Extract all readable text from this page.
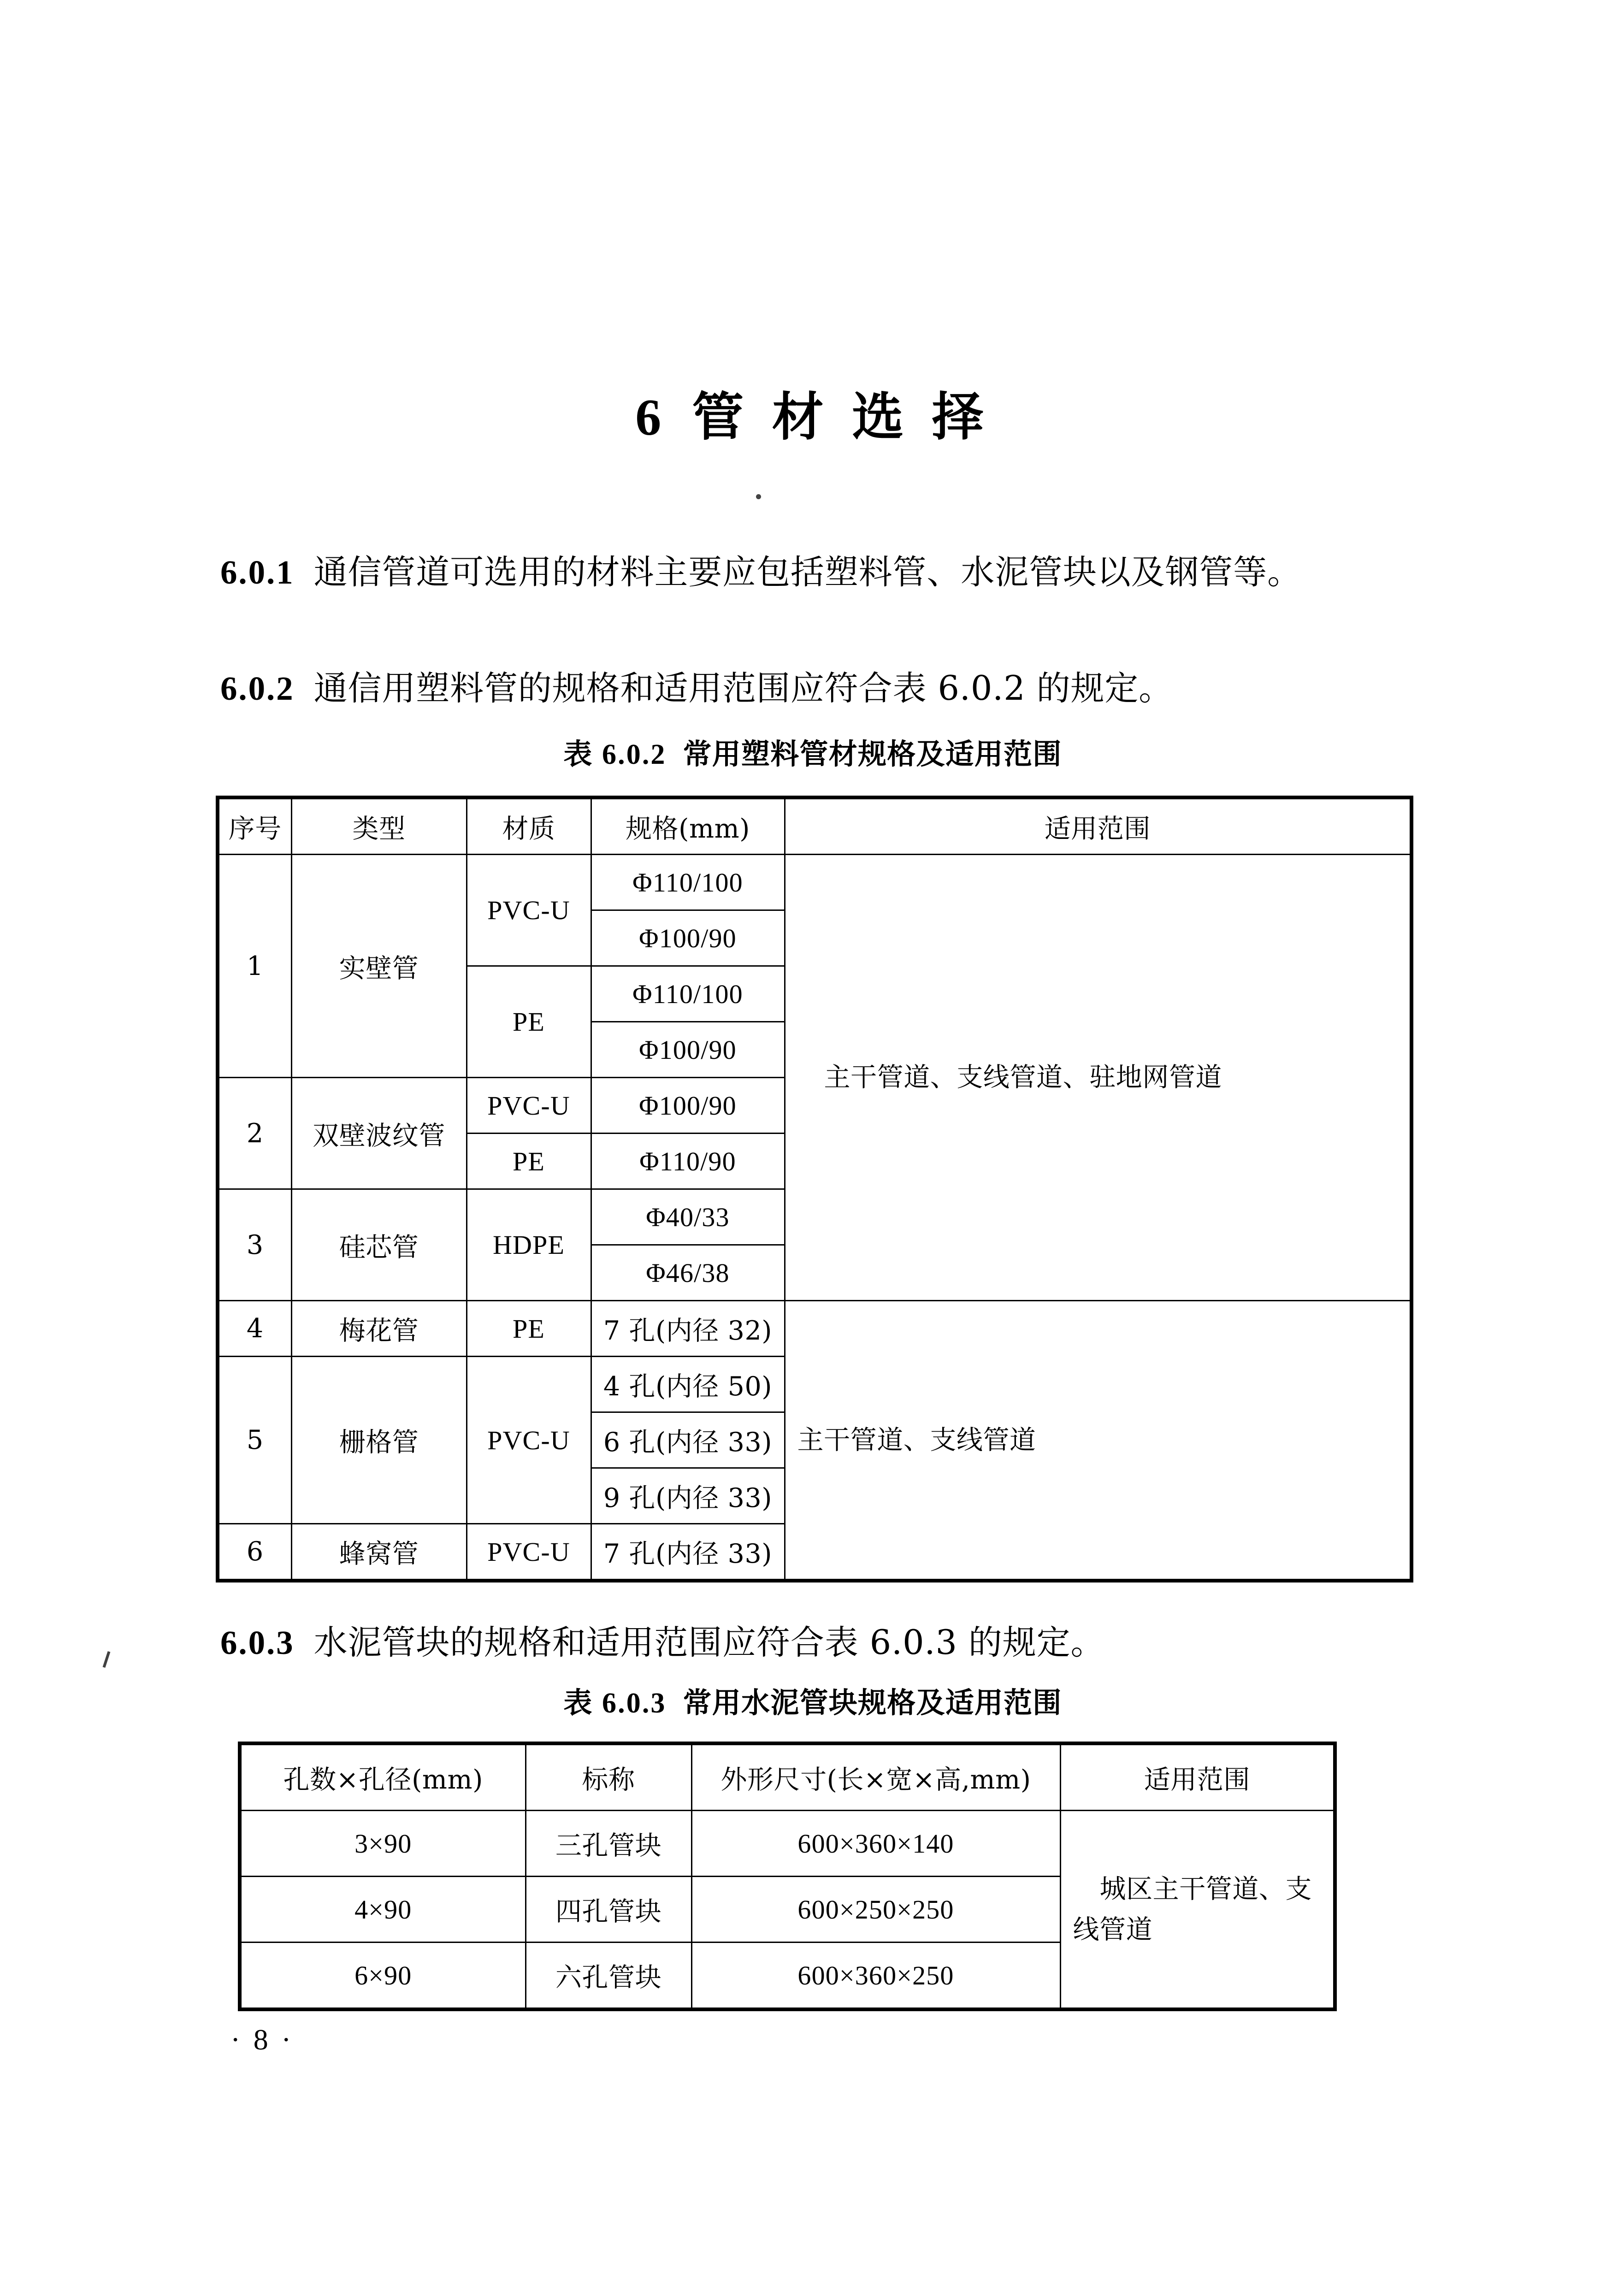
6 管 材 选 择

6.0.1 通信管道可选用的材料主要应包括塑料管、水泥管块以及钢管等。

6.0.2 通信用塑料管的规格和适用范围应符合表 6.0.2 的规定。

表 6.0.2 常用塑料管材规格及适用范围
序号	类型	材质	规格(mm)	适用范围
1	实壁管	PVC-U	Φ110/100	主干管道、支线管道、驻地网管道
			Φ100/90	
		PE	Φ110/100	
			Φ100/90	
2	双壁波纹管	PVC-U	Φ100/90	
		PE	Φ110/90	
3	硅芯管	HDPE	Φ40/33	
			Φ46/38	
4	梅花管	PE	7 孔(内径 32)	主干管道、支线管道
5	栅格管	PVC-U	4 孔(内径 50)	
			6 孔(内径 33)	
			9 孔(内径 33)	
6	蜂窝管	PVC-U	7 孔(内径 33)	

6.0.3 水泥管块的规格和适用范围应符合表 6.0.3 的规定。

表 6.0.3 常用水泥管块规格及适用范围
孔数×孔径(mm)	标称	外形尺寸(长×宽×高,mm)	适用范围
3×90	三孔管块	600×360×140	城区主干管道、支线管道
4×90	四孔管块	600×250×250	
6×90	六孔管块	600×360×250	
· 8 ·
